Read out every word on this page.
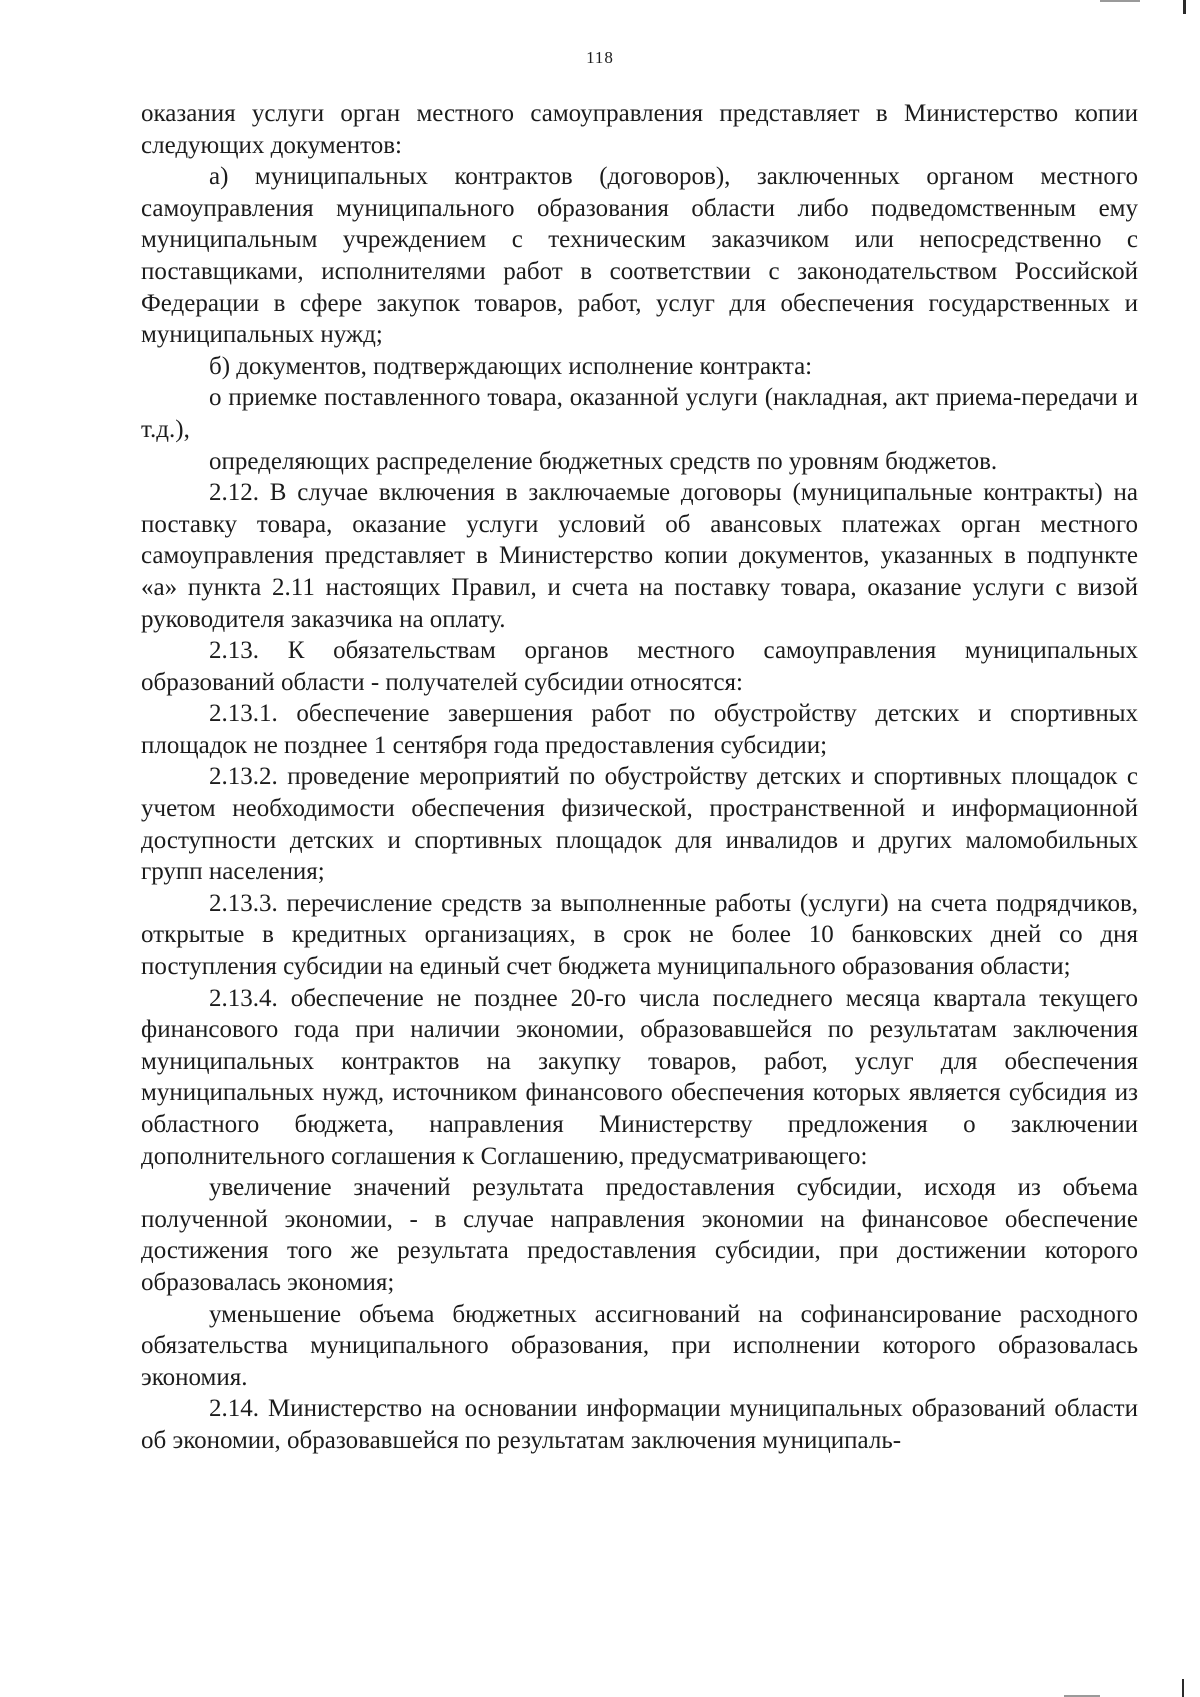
118

оказания услуги орган местного самоуправления представляет в Министерство копии следующих документов:

а) муниципальных контрактов (договоров), заключенных органом местного самоуправления муниципального образования области либо подведомственным ему муниципальным учреждением с техническим заказчиком или непосредственно с поставщиками, исполнителями работ в соответствии с законодательством Российской Федерации в сфере закупок товаров, работ, услуг для обеспечения государственных и муниципальных нужд;

б) документов, подтверждающих исполнение контракта:

о приемке поставленного товара, оказанной услуги (накладная, акт приема-передачи и т.д.),

определяющих распределение бюджетных средств по уровням бюджетов.

2.12. В случае включения в заключаемые договоры (муниципальные контракты) на поставку товара, оказание услуги условий об авансовых платежах орган местного самоуправления представляет в Министерство копии документов, указанных в подпункте «а» пункта 2.11 настоящих Правил, и счета на поставку товара, оказание услуги с визой руководителя заказчика на оплату.

2.13. К обязательствам органов местного самоуправления муниципальных образований области - получателей субсидии относятся:

2.13.1. обеспечение завершения работ по обустройству детских и спортивных площадок не позднее 1 сентября года предоставления субсидии;

2.13.2. проведение мероприятий по обустройству детских и спортивных площадок с учетом необходимости обеспечения физической, пространственной и информационной доступности детских и спортивных площадок для инвалидов и других маломобильных групп населения;

2.13.3. перечисление средств за выполненные работы (услуги) на счета подрядчиков, открытые в кредитных организациях, в срок не более 10 банковских дней со дня поступления субсидии на единый счет бюджета муниципального образования области;

2.13.4. обеспечение не позднее 20-го числа последнего месяца квартала текущего финансового года при наличии экономии, образовавшейся по результатам заключения муниципальных контрактов на закупку товаров, работ, услуг для обеспечения муниципальных нужд, источником финансового обеспечения которых является субсидия из областного бюджета, направления Министерству предложения о заключении дополнительного соглашения к Соглашению, предусматривающего:

увеличение значений результата предоставления субсидии, исходя из объема полученной экономии, - в случае направления экономии на финансовое обеспечение достижения того же результата предоставления субсидии, при достижении которого образовалась экономия;

уменьшение объема бюджетных ассигнований на софинансирование расходного обязательства муниципального образования, при исполнении которого образовалась экономия.

2.14. Министерство на основании информации муниципальных образований области об экономии, образовавшейся по результатам заключения муниципаль-
